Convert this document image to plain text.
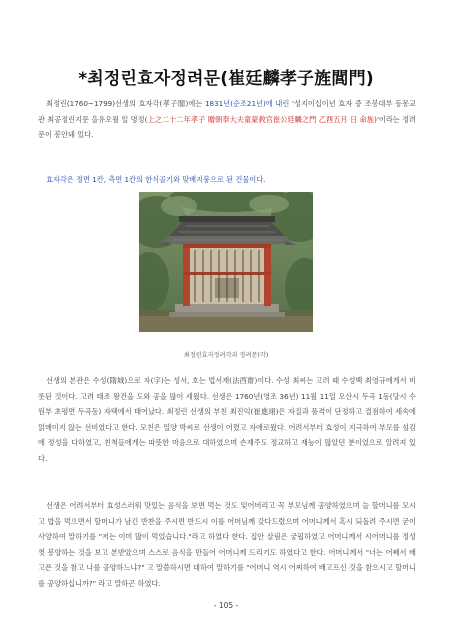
*최정린효자정려문(崔廷麟孝子旌閭門)

최정린(1760~1799)선생의 효자각(孝子閣)에는 1831년(순조21년)에 내린 '성지이십이년 효자 증 조봉대부 동몽교관 최공정린지문 을유오월 일 명정(上之二十二年孝子 贈朝奉大夫童蒙敎官崔公廷麟之門 乙酉五月 日 命旌)'이라는 정려문이 봉안돼 있다.

효자각은 정면 1칸, 측면 1칸의 한식골기와 맞배지붕으로 된 건물이다.

최정린효자정려각과 정려문(각)

선생의 본관은 수성(隋城)으로 자(字)는 성서, 호는 법서재(法西齋)이다. 수성 최씨는 고려 때 수성백 최영규에게서 비롯된 것이다. 고려 태조 왕건을 도와 공을 많이 세웠다. 선생은 1760년(영조 36년) 11월 11일 오산시 두곡 1동(당시 수원부 초평면 두곡동) 자택에서 태어났다. 최정린 선생의 부친 최진익(崔進翊)은 자질과 품격이 단정하고 결점하여 세속에 얽매이지 않는 선비였다고 한다. 모친은 밀양 박씨로 선생이 어렸고 자애로웠다. 어려서부터 효성이 지극하여 부모를 섬김에 정성을 다하였고, 친척들에게는 따뜻한 마음으로 대하였으며 손재주도 정교하고 재능이 많았던 분이었으로 알려져 있다.

선생은 어려서부터 효성스러워 맛있는 음식을 보면 먹는 것도 잊어버리고 꼭 부모님께 공양하였으며 늘 할머니를 모시고 밥을 먹으면서 할머니가 남긴 반찬을 주시면 반드시 이를 어머님께 갖다드렸으며 어머니께서 혹시 되돌려 주시면 굳이 사양하여 말하기를 "저는 이미 많이 먹었습니다."라고 하였다 한다. 집안 살림은 궁핍하였고 어머니께서 시어머니를 정성껏 봉양하는 것을 보고 본받았으며 스스로 음식을 만들어 어머니께 드리기도 하였다고 한다. 어머니께서 "너는 어째서 배고픈 것을 참고 나를 공양하느냐?" 고 말씀하시면 대하여 말하기를 "어머니 역시 어찌하여 배고프신 것을 참으시고 할머니를 공양하십니까?" 라고 말하곤 하였다.

- 105 -
